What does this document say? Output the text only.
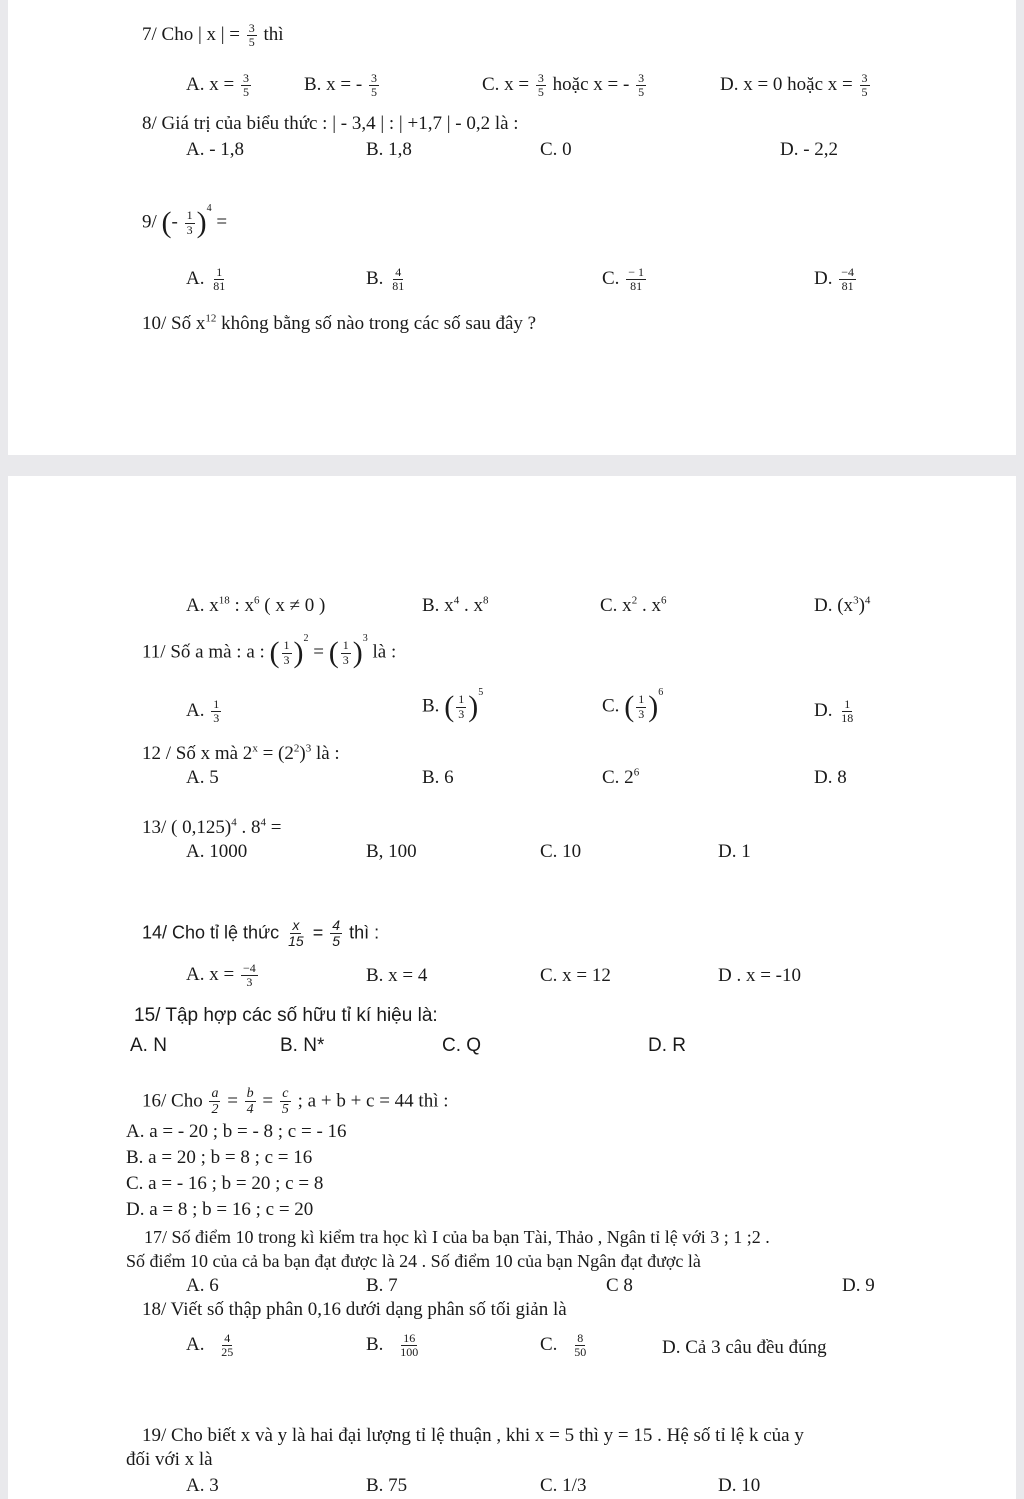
7/ Cho | x | = $\frac{3}{5}$ thì
A. $x = \frac{3}{5}$	B. x = - $\frac{3}{5}$	C. $x = \frac{3}{5}$ hoặc x = - $\frac{3}{5}$	D. x = 0 hoặc $x = \frac{3}{5}$
8/ Giá trị của biểu thức : | - 3,4 | : | +1,7 | - 0,2 là :
A. - 1,8	B. 1,8	C. 0	D. - 2,2
9/ (- $\frac{1}{3} )4$ =
A. $\frac{1}{81}$	B. $\frac{4}{81}$	C. $\frac{- 1}{81}$	D. $\frac{-4}{81}$
10/ Số $x^{12}$ không bằng số nào trong các số sau đây ?
A. $x^{18}$ : $x^6$ ( x ≠ 0 )	B. $x^4$ . $x^8$	C. $x^2$ . $x^6$	D. $(x^3)^4$
11/ Số a mà : a : ( $\frac{1}{3} )2$ = ( $\frac{1}{3} )3$ là :
A. $\frac{1}{3}$	B. ( $\frac{1}{3} )5$
C. ( $\frac{1}{3} )6$
D. $\frac{1}{18}$
12 / Số x mà $2^x = (2^2)^3$ là :
A. 5	B. 6	C. $2^6$	D. 8
13/ ( 0,125)$^4$ . $8^4$ =
A. 1000	B, 100	C. 10	D. 1
14/ Cho tỉ lệ thức $\frac{x}{15} = \frac{4}{5}$ thì :
A. $x = \frac{-4}{3}$	B. x = 4	C. x = 12	D . x = -10
15/ Tập hợp các số hữu tỉ kí hiệu là:
A. N	B. N*	C. Q	D. R
16/ Cho $\frac{a}{2} = \frac{b}{4} = \frac{c}{5}$ ; a + b + c = 44 thì :
A. a = - 20 ; b = - 8 ; c = - 16
B. a = 20 ; b = 8 ; c = 16
C. a = - 16 ; b = 20 ; c = 8
D. a = 8 ; b = 16 ; c = 20
17/ Số điểm 10 trong kì kiểm tra học kì I của ba bạn Tài, Thảo , Ngân tỉ lệ với 3 ; 1 ;2 .
Số điểm 10 của cả ba bạn đạt được là 24 . Số điểm 10 của bạn Ngân đạt được là
A. 6	B. 7	C 8	D. 9
18/ Viết số thập phân 0,16 dưới dạng phân số tối giản là
A. $\frac{4}{25}$	B. $\frac{16}{100}$	C. $\frac{8}{50}$	D. Cả 3 câu đều đúng
19/ Cho biết x và y là hai đại lượng tỉ lệ thuận , khi x = 5 thì y = 15 . Hệ số tỉ lệ k của y
đối với x là
A. 3	B. 75	C. 1/3	D. 10
